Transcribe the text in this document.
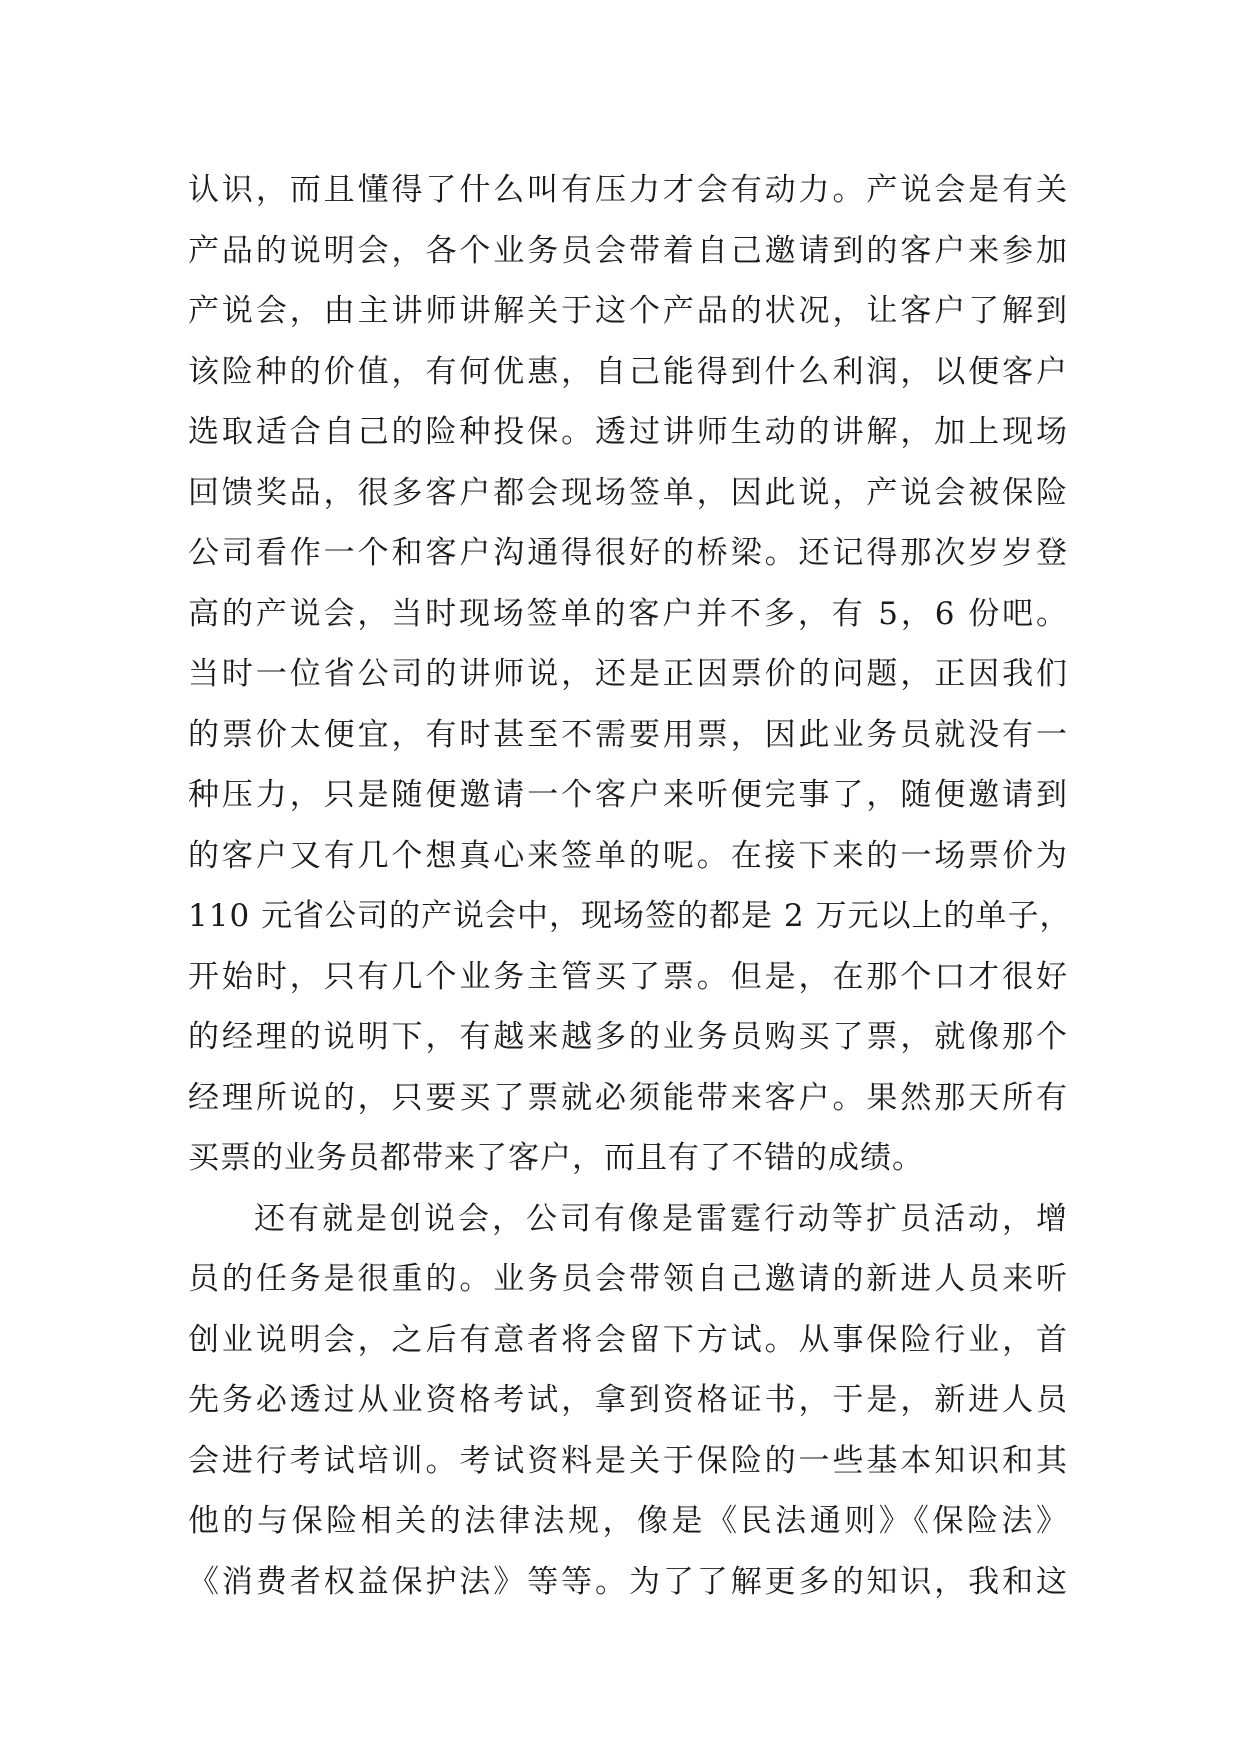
认识，而且懂得了什么叫有压力才会有动力。产说会是有关
产品的说明会，各个业务员会带着自己邀请到的客户来参加
产说会，由主讲师讲解关于这个产品的状况，让客户了解到
该险种的价值，有何优惠，自己能得到什么利润，以便客户
选取适合自己的险种投保。透过讲师生动的讲解，加上现场
回馈奖品，很多客户都会现场签单，因此说，产说会被保险
公司看作一个和客户沟通得很好的桥梁。还记得那次岁岁登
高的产说会，当时现场签单的客户并不多，有 5，6 份吧。
当时一位省公司的讲师说，还是正因票价的问题，正因我们
的票价太便宜，有时甚至不需要用票，因此业务员就没有一
种压力，只是随便邀请一个客户来听便完事了，随便邀请到
的客户又有几个想真心来签单的呢。在接下来的一场票价为
110 元省公司的产说会中，现场签的都是 2 万元以上的单子，
开始时，只有几个业务主管买了票。但是，在那个口才很好
的经理的说明下，有越来越多的业务员购买了票，就像那个
经理所说的，只要买了票就必须能带来客户。果然那天所有
买票的业务员都带来了客户，而且有了不错的成绩。
还有就是创说会，公司有像是雷霆行动等扩员活动，增
员的任务是很重的。业务员会带领自己邀请的新进人员来听
创业说明会，之后有意者将会留下方试。从事保险行业，首
先务必透过从业资格考试，拿到资格证书，于是，新进人员
会进行考试培训。考试资料是关于保险的一些基本知识和其
他的与保险相关的法律法规，像是《民法通则》《保险法》
《消费者权益保护法》等等。为了了解更多的知识，我和这
